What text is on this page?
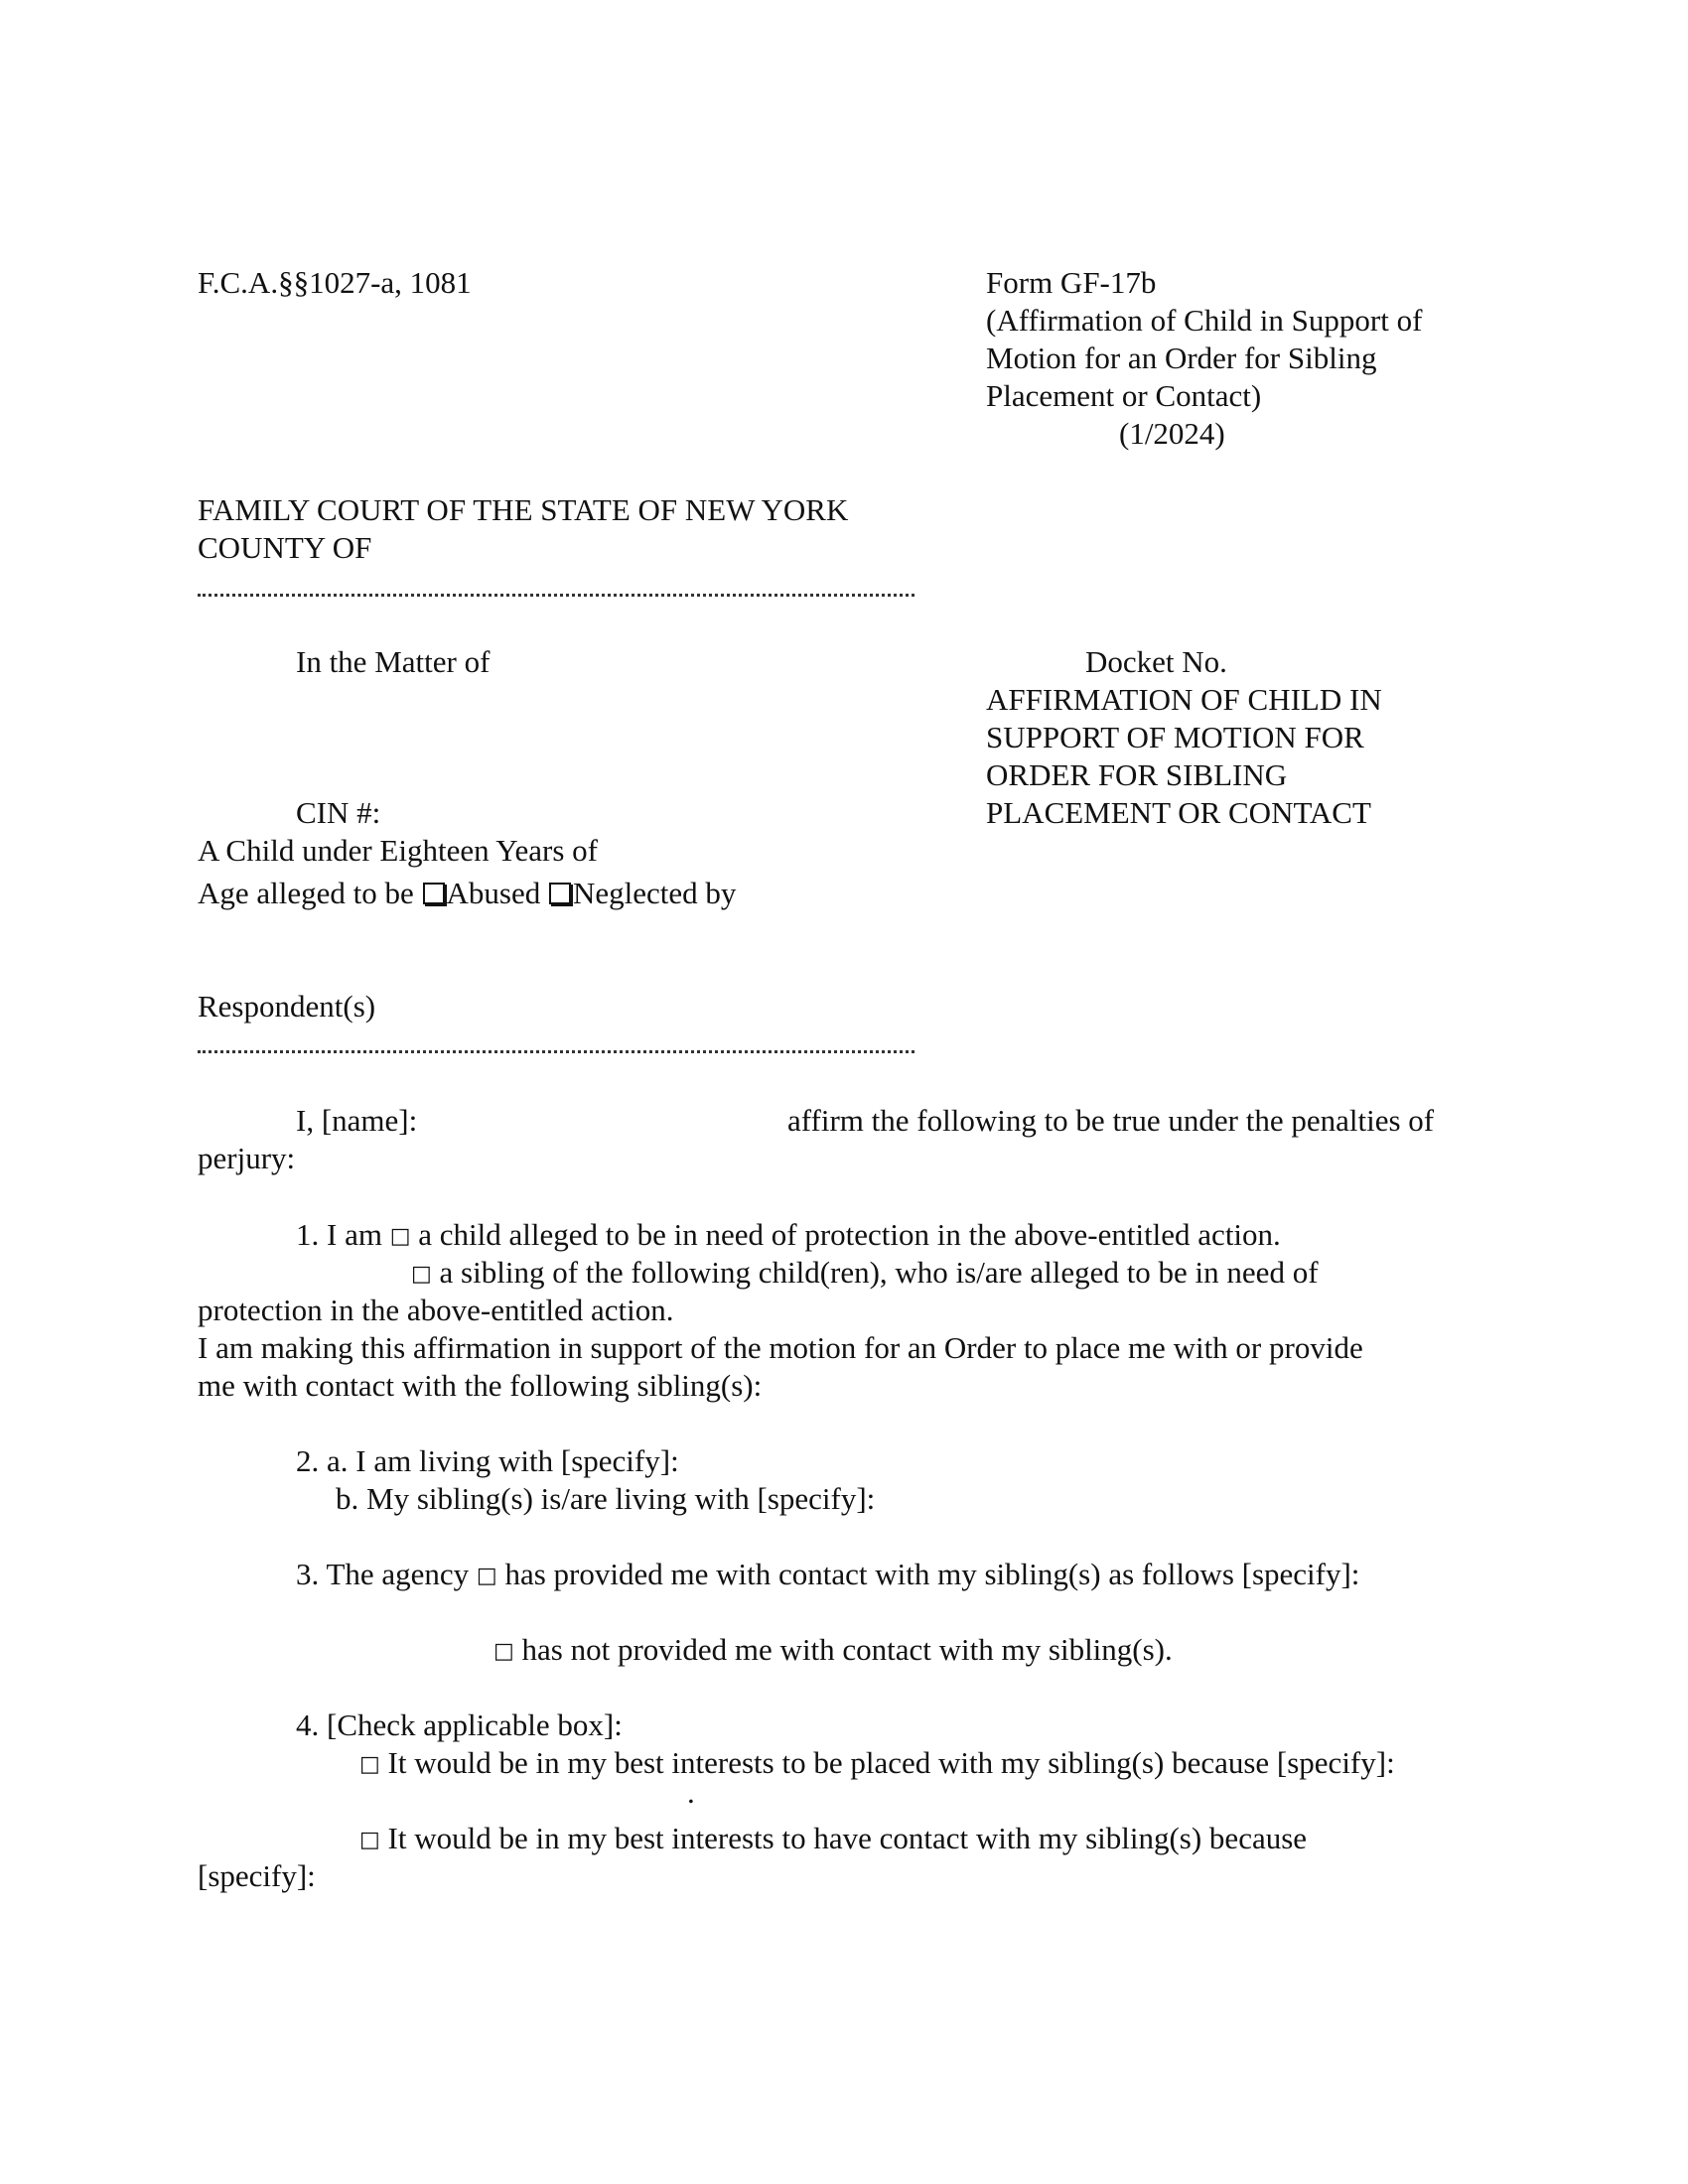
F.C.A.§§1027-a, 1081	Form GF-17b
(Affirmation of Child in Support of
Motion for an Order for Sibling
Placement or Contact)
(1/2024)
FAMILY COURT OF THE STATE OF NEW YORK
COUNTY OF
In the Matter of
CIN #:
A Child under Eighteen Years of
Age alleged to be Abused Neglected by
Respondent(s)
Docket No.
AFFIRMATION OF CHILD IN
SUPPORT OF MOTION FOR
ORDER FOR SIBLING
PLACEMENT OR CONTACT
I, [name]:	affirm the following to be true under the penalties of
perjury:
1. I am □ a child alleged to be in need of protection in the above-entitled action.
□ a sibling of the following child(ren), who is/are alleged to be in need of
protection in the above-entitled action.
I am making this affirmation in support of the motion for an Order to place me with or provide
me with contact with the following sibling(s):
2. a. I am living with [specify]:
b. My sibling(s) is/are living with [specify]:
3. The agency □ has provided me with contact with my sibling(s) as follows [specify]:
□ has not provided me with contact with my sibling(s).
4. [Check applicable box]:
□ It would be in my best interests to be placed with my sibling(s) because [specify]:
.
□ It would be in my best interests to have contact with my sibling(s) because
[specify]:
